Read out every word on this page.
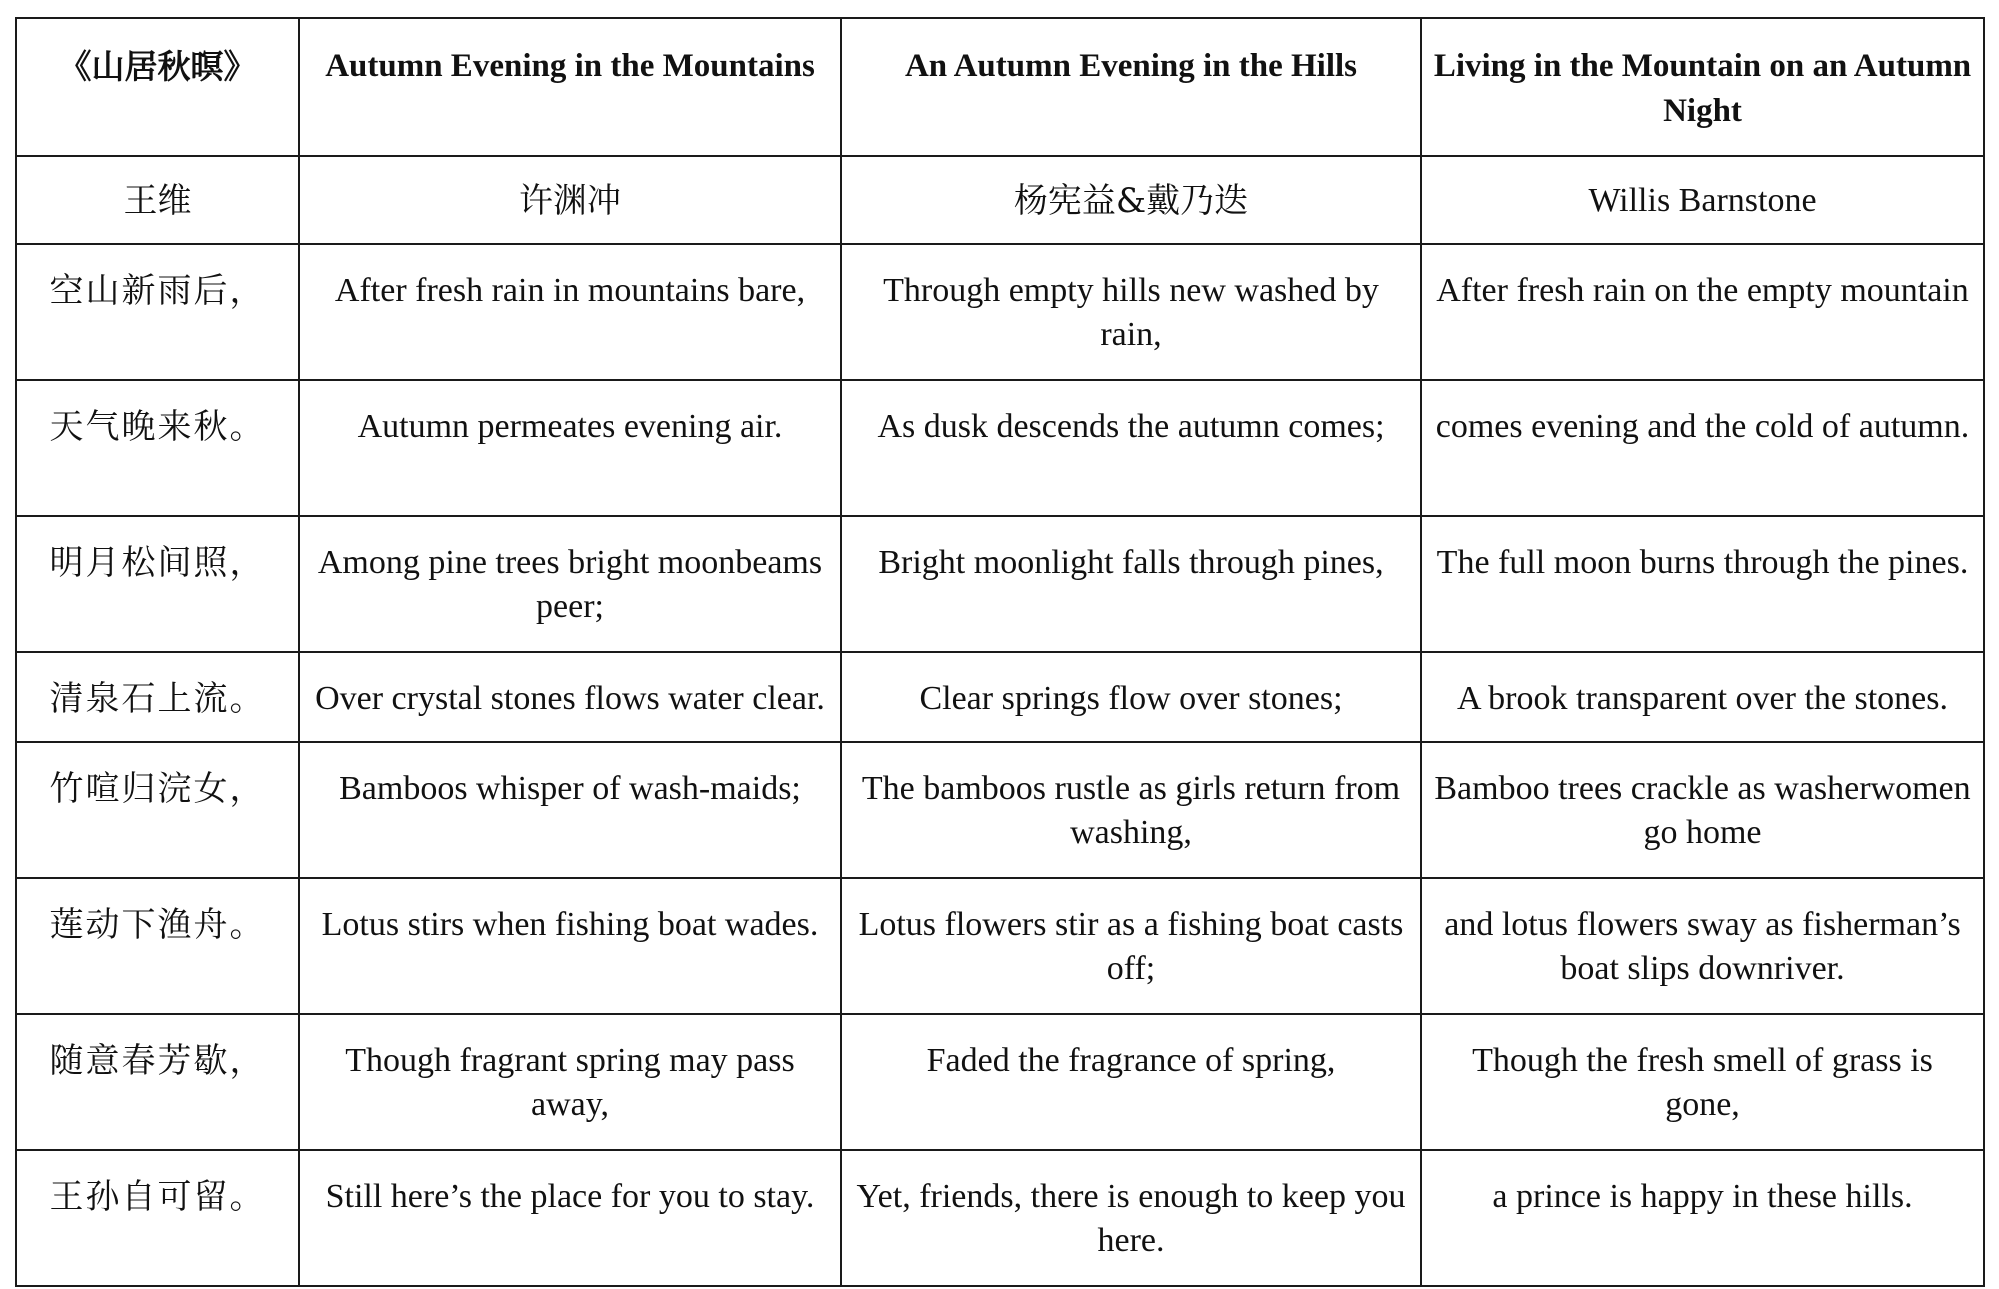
《山居秋暝》	Autumn Evening in the Mountains	An Autumn Evening in the Hills	Living in the Mountain on an Autumn Night
王维	许渊冲	杨宪益&戴乃迭	Willis Barnstone
空山新雨后，	After fresh rain in mountains bare,	Through empty hills new washed by rain,	After fresh rain on the empty mountain
天气晚来秋。	Autumn permeates evening air.	As dusk descends the autumn comes;	comes evening and the cold of autumn.
明月松间照，	Among pine trees bright moonbeams peer;	Bright moonlight falls through pines,	The full moon burns through the pines.
清泉石上流。	Over crystal stones flows water clear.	Clear springs flow over stones;	A brook transparent over the stones.
竹喧归浣女，	Bamboos whisper of wash-maids;	The bamboos rustle as girls return from washing,	Bamboo trees crackle as washerwomen go home
莲动下渔舟。	Lotus stirs when fishing boat wades.	Lotus flowers stir as a fishing boat casts off;	and lotus flowers sway as fisherman’s boat slips downriver.
随意春芳歇，	Though fragrant spring may pass away,	Faded the fragrance of spring,	Though the fresh smell of grass is gone,
王孙自可留。	Still here’s the place for you to stay.	Yet, friends, there is enough to keep you here.	a prince is happy in these hills.
